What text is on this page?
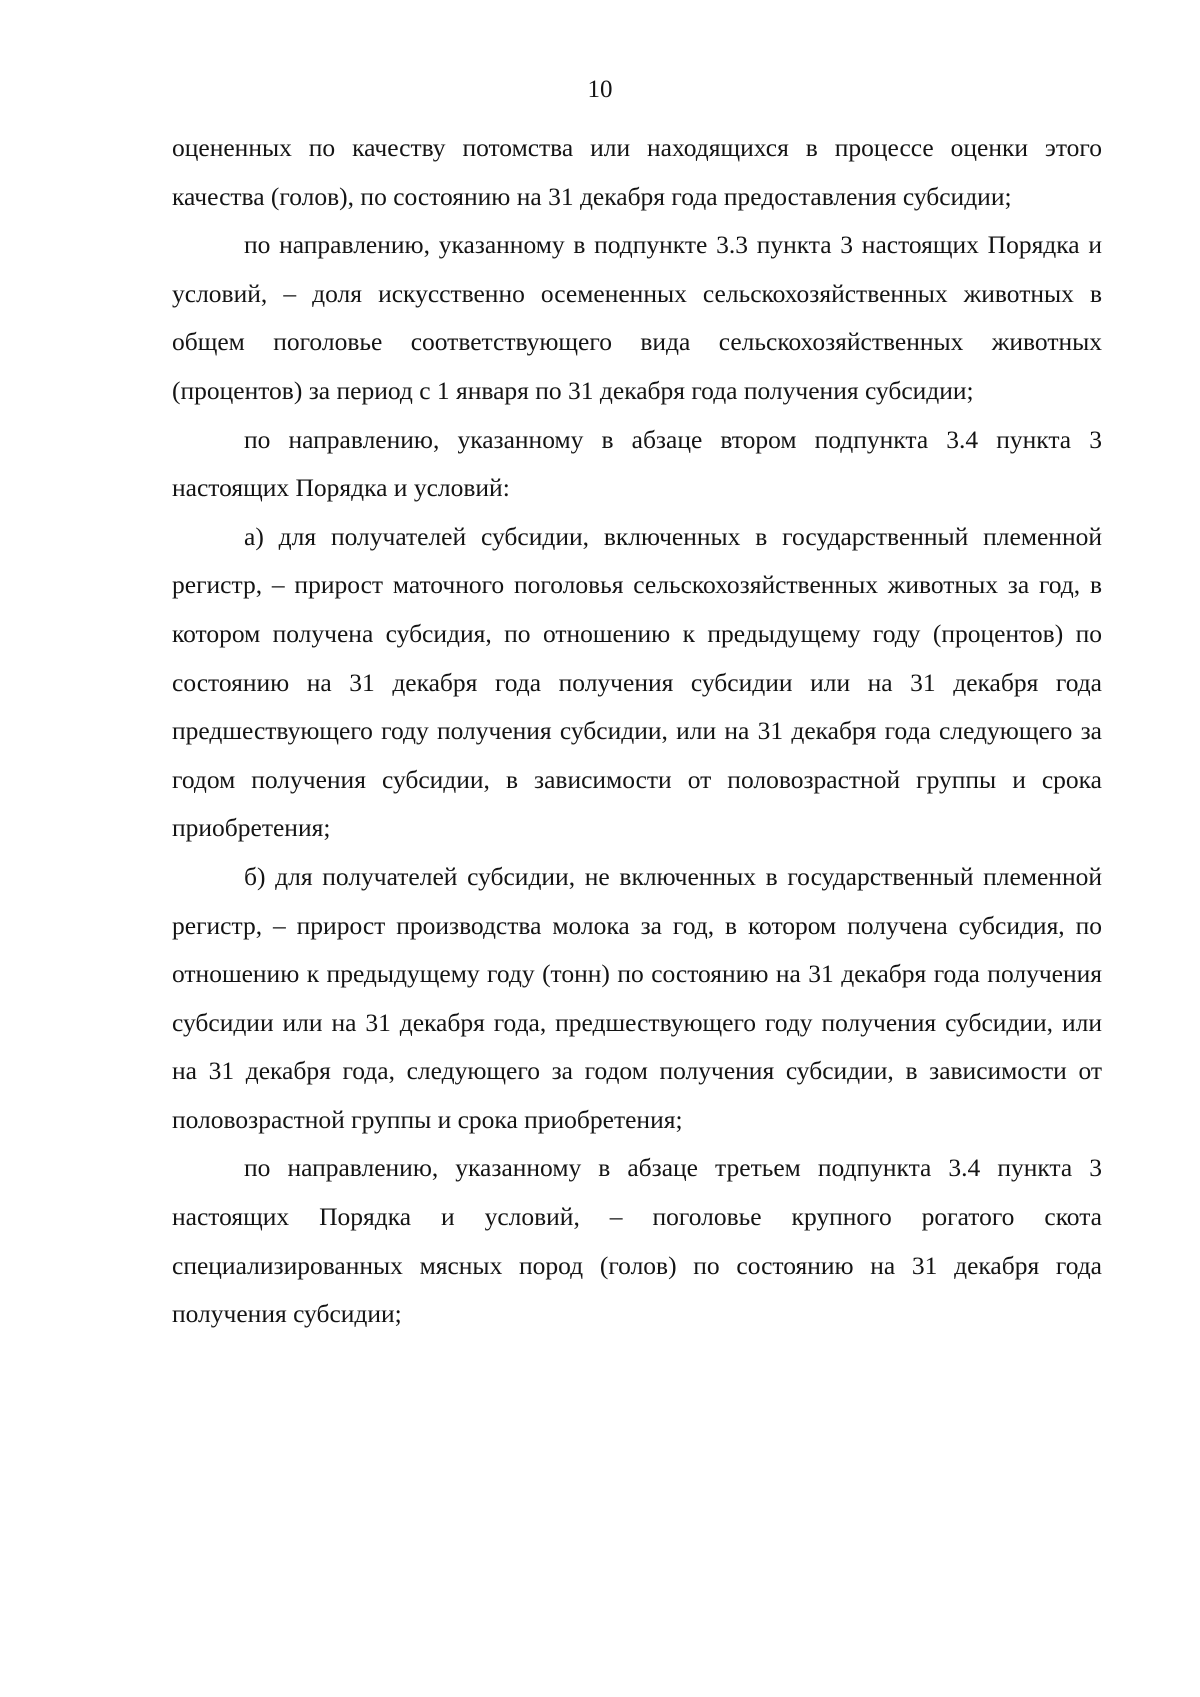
10

оцененных по качеству потомства или находящихся в процессе оценки этого качества (голов), по состоянию на 31 декабря года предоставления субсидии;

по направлению, указанному в подпункте 3.3 пункта 3 настоящих Порядка и условий, – доля искусственно осемененных сельскохозяйственных животных в общем поголовье соответствующего вида сельскохозяйственных животных (процентов) за период с 1 января по 31 декабря года получения субсидии;

по направлению, указанному в абзаце втором подпункта 3.4 пункта 3 настоящих Порядка и условий:

а) для получателей субсидии, включенных в государственный племенной регистр, – прирост маточного поголовья сельскохозяйственных животных за год, в котором получена субсидия, по отношению к предыдущему году (процентов) по состоянию на 31 декабря года получения субсидии или на 31 декабря года предшествующего году получения субсидии, или на 31 декабря года следующего за годом получения субсидии, в зависимости от половозрастной группы и срока приобретения;

б) для получателей субсидии, не включенных в государственный племенной регистр, – прирост производства молока за год, в котором получена субсидия, по отношению к предыдущему году (тонн) по состоянию на 31 декабря года получения субсидии или на 31 декабря года, предшествующего году получения субсидии, или на 31 декабря года, следующего за годом получения субсидии, в зависимости от половозрастной группы и срока приобретения;

по направлению, указанному в абзаце третьем подпункта 3.4 пункта 3 настоящих Порядка и условий, – поголовье крупного рогатого скота специализированных мясных пород (голов) по состоянию на 31 декабря года получения субсидии;
